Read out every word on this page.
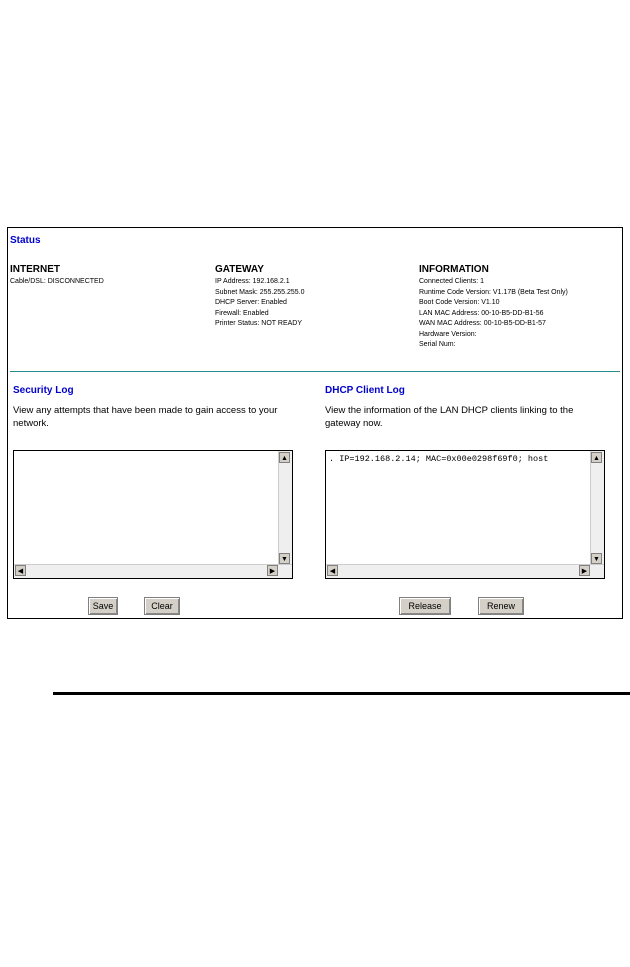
Status
INTERNET
Cable/DSL: DISCONNECTED
GATEWAY
IP Address: 192.168.2.1
Subnet Mask: 255.255.255.0
DHCP Server: Enabled
Firewall: Enabled
Printer Status: NOT READY
INFORMATION
Connected Clients: 1
Runtime Code Version: V1.17B (Beta Test Only)
Boot Code Version: V1.10
LAN MAC Address: 00-10-B5-DD-B1-56
WAN MAC Address: 00-10-B5-DD-B1-57
Hardware Version:
Serial Num:
Security Log
View any attempts that have been made to gain access to your network.
▲
▼
◀	▶
DHCP Client Log
View the information of the LAN DHCP clients linking to the gateway now.
. IP=192.168.2.14; MAC=0x00e0298f69f0; host	▲
▼
◀	▶
Save	Clear	Release	Renew
